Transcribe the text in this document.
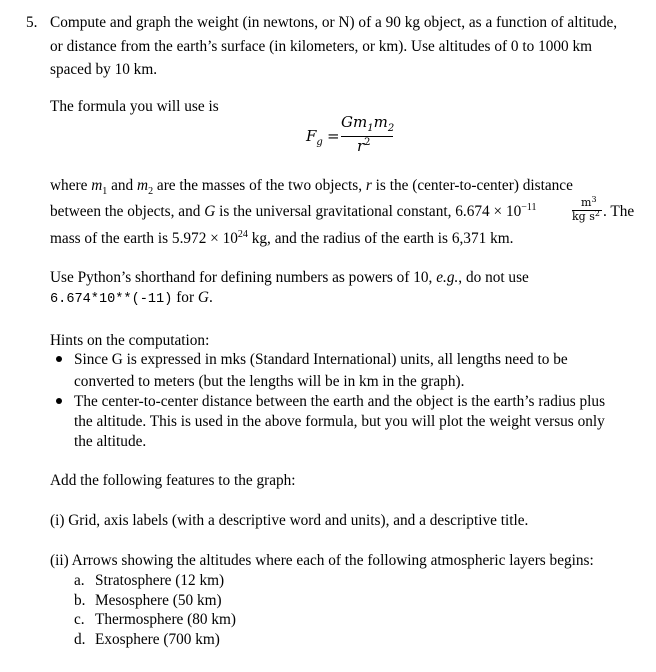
5. Compute and graph the weight (in newtons, or N) of a 90 kg object, as a function of altitude,
or distance from the earth’s surface (in kilometers, or km). Use altitudes of 0 to 1000 km
spaced by 10 km.
The formula you will use is
$F_g$ =
$Gm_1m_2$
$r^2$
where $m_1$ and $m_2$ are the masses of the two objects, r is the (center-to-center) distance
between the objects, and G is the universal gravitational constant, $6.674 \times 10^{-11}$	$m^3$
kg $s^2$ . The
mass of the earth is $5.972 \times 10^{24}$ kg, and the radius of the earth is 6,371 km.
Use Python’s shorthand for defining numbers as powers of 10, e.g., do not use
6.674*10**(-11) for G.
Hints on the computation:
Since G is expressed in mks (Standard International) units, all lengths need to be
converted to meters (but the lengths will be in km in the graph).
The center-to-center distance between the earth and the object is the earth’s radius plus
the altitude. This is used in the above formula, but you will plot the weight versus only
the altitude.
Add the following features to the graph:
(i) Grid, axis labels (with a descriptive word and units), and a descriptive title.
(ii) Arrows showing the altitudes where each of the following atmospheric layers begins:
a. Stratosphere (12 km)
b. Mesosphere (50 km)
c. Thermosphere (80 km)
d. Exosphere (700 km)
